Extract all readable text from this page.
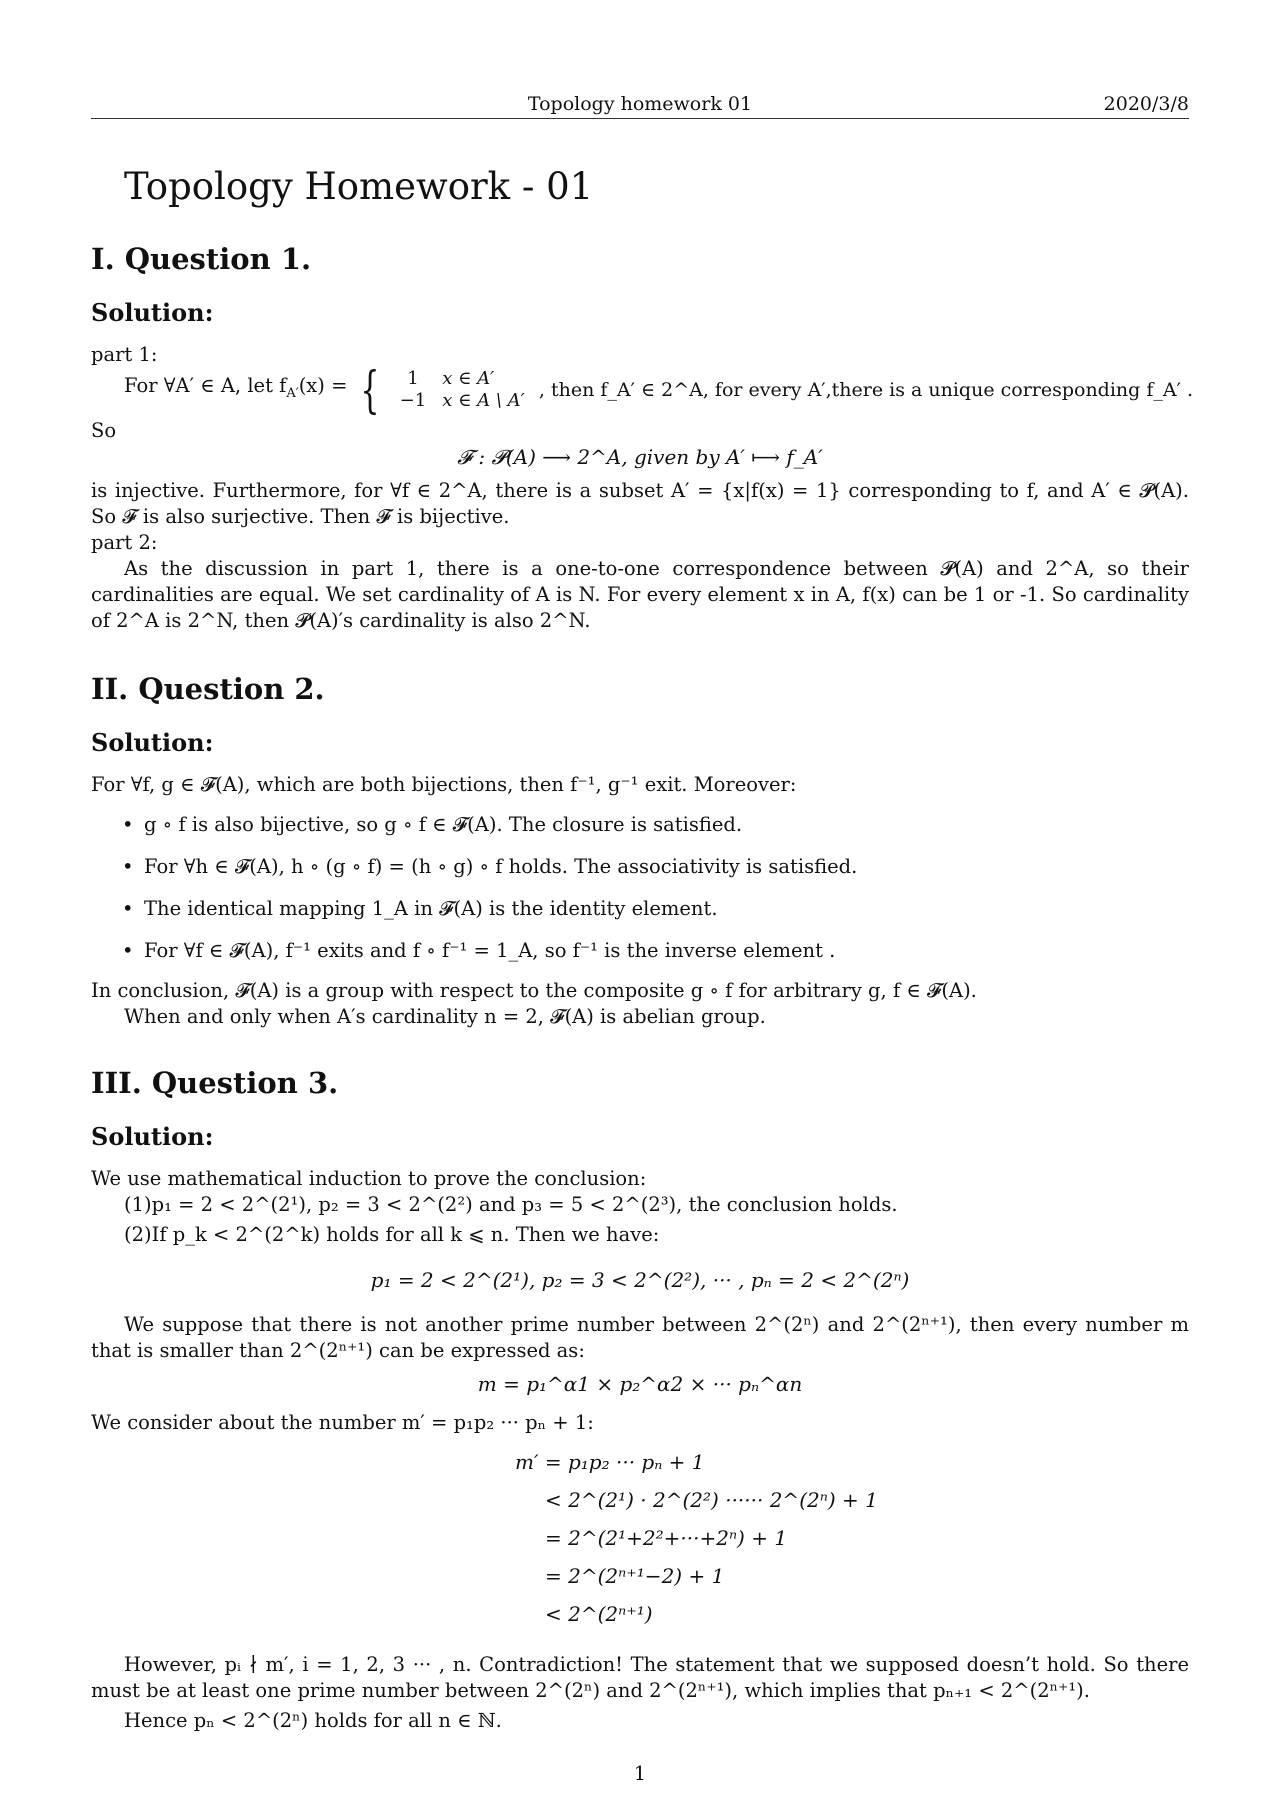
Topology homework 01	2020/3/8
Topology Homework - 01
I. Question 1.
Solution:
part 1:
For ∀A′ ∈ A, let $f_{A'}(x)$ = { 1	x ∈ A′
−1	x ∈ A \ A′ , then f_A′ ∈ 2^A, for every A′,there is a unique corresponding f_A′ .
So
𝓕 : 𝓟(A) ⟶ 2^A, given by A′ ⟼ f_A′
is injective. Furthermore, for ∀f ∈ 2^A, there is a subset A′ = {x|f(x) = 1} corresponding to f, and A′ ∈ 𝓟(A). So 𝓕 is also surjective. Then 𝓕 is bijective.
part 2:
As the discussion in part 1, there is a one-to-one correspondence between 𝓟(A) and 2^A, so their cardinalities are equal. We set cardinality of A is N. For every element x in A, f(x) can be 1 or -1. So cardinality of 2^A is 2^N, then 𝓟(A)′s cardinality is also 2^N.
II. Question 2.
Solution:
For ∀f, g ∈ 𝓕(A), which are both bijections, then f⁻¹, g⁻¹ exit. Moreover:
• g ∘ f is also bijective, so g ∘ f ∈ 𝓕(A). The closure is satisfied.
• For ∀h ∈ 𝓕(A), h ∘ (g ∘ f) = (h ∘ g) ∘ f holds. The associativity is satisfied.
• The identical mapping 1_A in 𝓕(A) is the identity element.
• For ∀f ∈ 𝓕(A), f⁻¹ exits and f ∘ f⁻¹ = 1_A, so f⁻¹ is the inverse element .
In conclusion, 𝓕(A) is a group with respect to the composite g ∘ f for arbitrary g, f ∈ 𝓕(A).
When and only when A′s cardinality n = 2, 𝓕(A) is abelian group.
III. Question 3.
Solution:
We use mathematical induction to prove the conclusion:
(1)p₁ = 2 < 2^(2¹), p₂ = 3 < 2^(2²) and p₃ = 5 < 2^(2³), the conclusion holds.
(2)If p_k < 2^(2^k) holds for all k ⩽ n. Then we have:
p₁ = 2 < 2^(2¹), p₂ = 3 < 2^(2²), ··· , pₙ = 2 < 2^(2ⁿ)
We suppose that there is not another prime number between 2^(2ⁿ) and 2^(2ⁿ⁺¹), then every number m that is smaller than 2^(2ⁿ⁺¹) can be expressed as:
m = p₁^α1 × p₂^α2 × ··· pₙ^αn
We consider about the number m′ = p₁p₂ ··· pₙ + 1:
m′ = p₁p₂ ··· pₙ + 1
< 2^(2¹) · 2^(2²) ······ 2^(2ⁿ) + 1
= 2^(2¹+2²+···+2ⁿ) + 1
= 2^(2ⁿ⁺¹−2) + 1
< 2^(2ⁿ⁺¹)
However, pᵢ ∤ m′, i = 1, 2, 3 ··· , n. Contradiction! The statement that we supposed doesn’t hold. So there must be at least one prime number between 2^(2ⁿ) and 2^(2ⁿ⁺¹), which implies that pₙ₊₁ < 2^(2ⁿ⁺¹).
Hence pₙ < 2^(2ⁿ) holds for all n ∈ ℕ.
1
